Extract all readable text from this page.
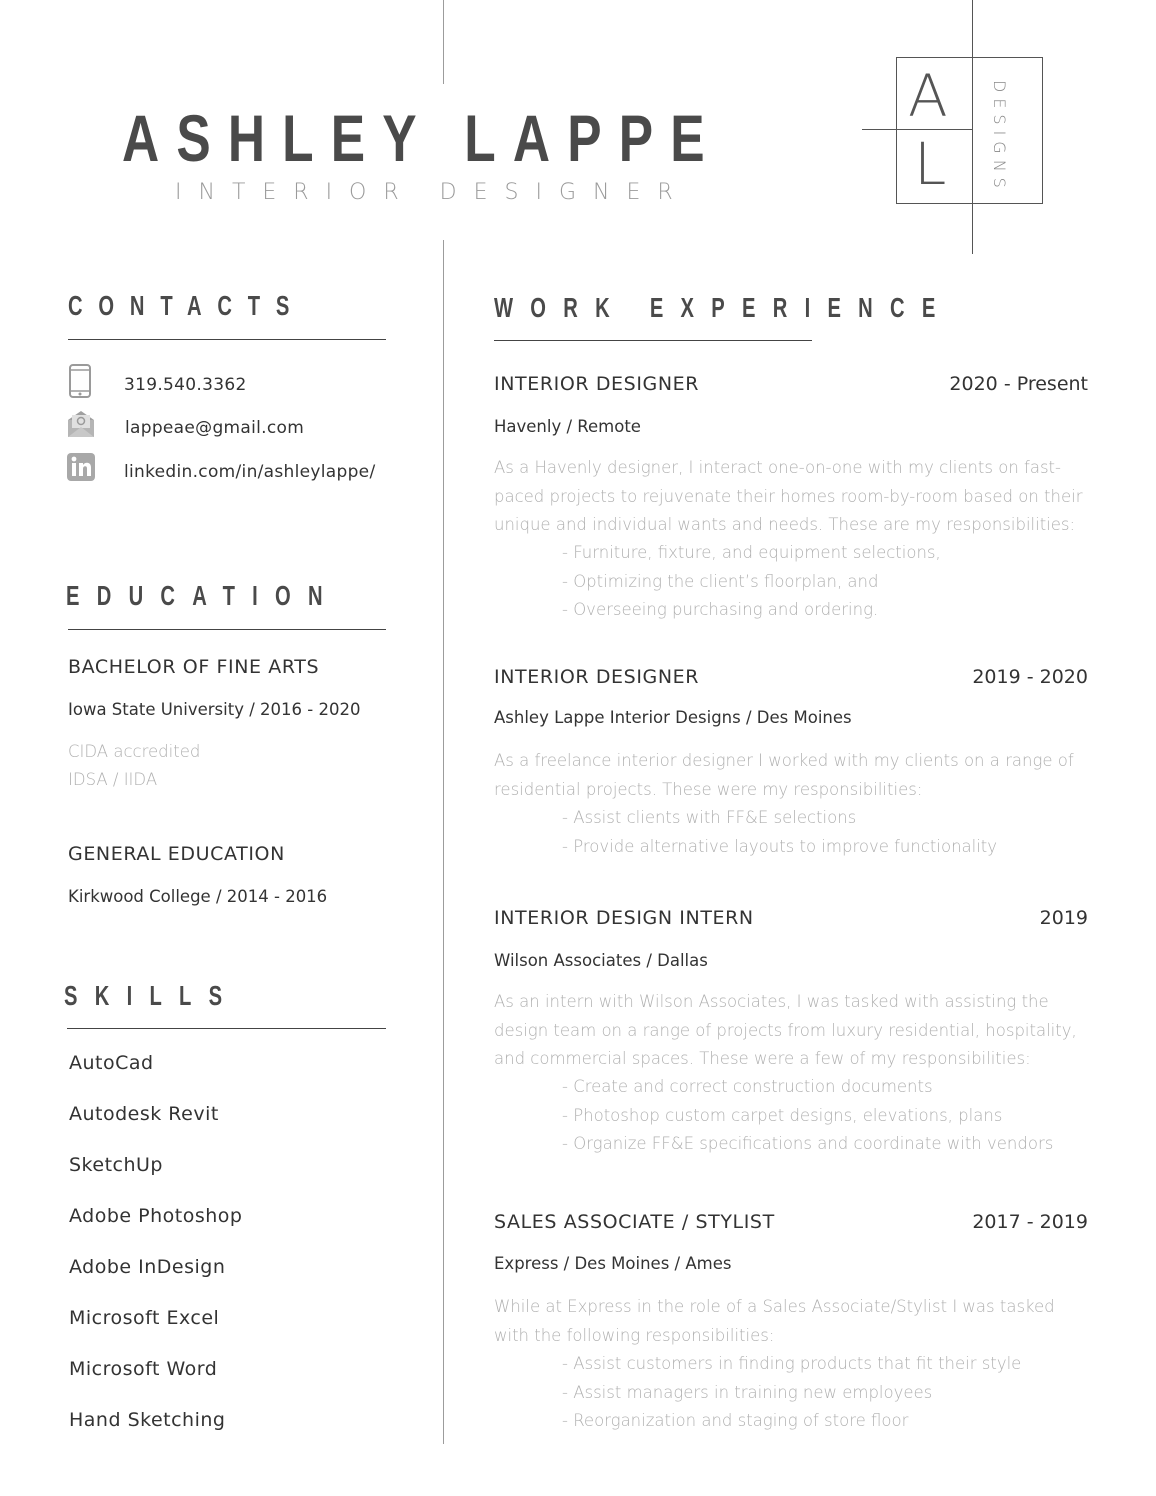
ASHLEY LAPPE
INTERIOR DESIGNER
A
L	DESIGNS
CONTACTS
319.540.3362
lappeae@gmail.com
linkedin.com/in/ashleylappe/
EDUCATION
BACHELOR OF FINE ARTS
Iowa State University / 2016 - 2020
CIDA accredited
IDSA / IIDA
GENERAL EDUCATION
Kirkwood College / 2014 - 2016
SKILLS
AutoCad
Autodesk Revit
SketchUp
Adobe Photoshop
Adobe InDesign
Microsoft Excel
Microsoft Word
Hand Sketching
WORK EXPERIENCE
INTERIOR DESIGNER	2020 - Present
Havenly / Remote
As a Havenly designer, I interact one-on-one with my clients on fast-paced projects to rejuvenate their homes room-by-room based on their unique and individual wants and needs. These are my responsibilities:
- Furniture, fixture, and equipment selections,
- Optimizing the client’s floorplan, and
- Overseeing purchasing and ordering.
INTERIOR DESIGNER	2019 - 2020
Ashley Lappe Interior Designs / Des Moines
As a freelance interior designer I worked with my clients on a range of residential projects. These were my responsibilities:
- Assist clients with FF&E selections
- Provide alternative layouts to improve functionality
INTERIOR DESIGN INTERN	2019
Wilson Associates / Dallas
As an intern with Wilson Associates, I was tasked with assisting the design team on a range of projects from luxury residential, hospitality, and commercial spaces. These were a few of my responsibilities:
- Create and correct construction documents
- Photoshop custom carpet designs, elevations, plans
- Organize FF&E specifications and coordinate with vendors
SALES ASSOCIATE / STYLIST	2017 - 2019
Express / Des Moines / Ames
While at Express in the role of a Sales Associate/Stylist I was tasked with the following responsibilities:
- Assist customers in finding products that fit their style
- Assist managers in training new employees
- Reorganization and staging of store floor
